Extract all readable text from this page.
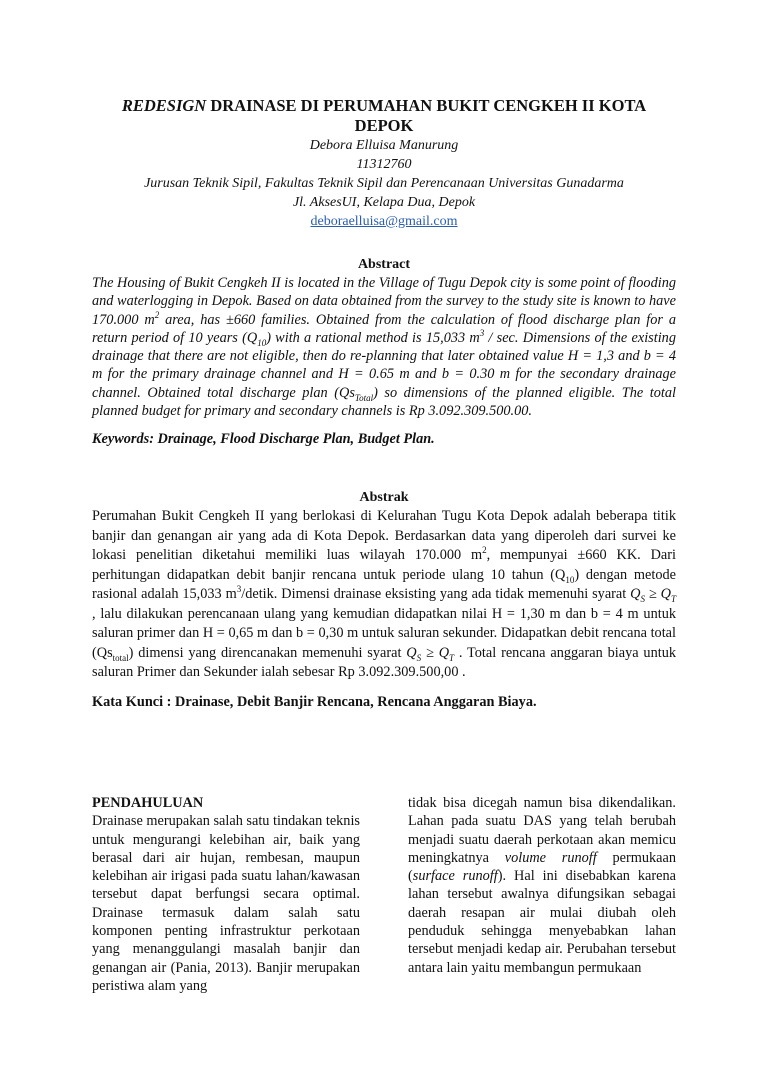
REDESIGN DRAINASE DI PERUMAHAN BUKIT CENGKEH II KOTA
DEPOK
Debora Elluisa Manurung
11312760
Jurusan Teknik Sipil, Fakultas Teknik Sipil dan Perencanaan Universitas Gunadarma
Jl. AksesUI, Kelapa Dua, Depok
deboraelluisa@gmail.com
Abstract

The Housing of Bukit Cengkeh II is located in the Village of Tugu Depok city is some point of flooding and waterlogging in Depok. Based on data obtained from the survey to the study site is known to have 170.000 $m^2$ area, has ±660 families. Obtained from the calculation of flood discharge plan for a return period of 10 years $(Q_{10})$ with a rational method is 15,033 $m^3$ / sec. Dimensions of the existing drainage that there are not eligible, then do re-planning that later obtained value H = 1,3 and b = 4 m for the primary drainage channel and H = 0.65 m and b = 0.30 m for the secondary drainage channel. Obtained total discharge plan $(Qs_{Total})$ so dimensions of the planned eligible. The total planned budget for primary and secondary channels is Rp 3.092.309.500.00.

Keywords: Drainage, Flood Discharge Plan, Budget Plan.

Abstrak

Perumahan Bukit Cengkeh II yang berlokasi di Kelurahan Tugu Kota Depok adalah beberapa titik banjir dan genangan air yang ada di Kota Depok. Berdasarkan data yang diperoleh dari survei ke lokasi penelitian diketahui memiliki luas wilayah 170.000 $m^2$, mempunyai ±660 KK. Dari perhitungan didapatkan debit banjir rencana untuk periode ulang 10 tahun $(Q_{10})$ dengan metode rasional adalah 15,033 $m^3$/detik. Dimensi drainase eksisting yang ada tidak memenuhi syarat $Q_S \ge Q_T$ , lalu dilakukan perencanaan ulang yang kemudian didapatkan nilai H = 1,30 m dan b = 4 m untuk saluran primer dan H = 0,65 m dan b = 0,30 m untuk saluran sekunder. Didapatkan debit rencana total $(Qs_{total})$ dimensi yang direncanakan memenuhi syarat $Q_S \ge Q_T$ . Total rencana anggaran biaya untuk saluran Primer dan Sekunder ialah sebesar Rp 3.092.309.500,00 .

Kata Kunci : Drainase, Debit Banjir Rencana, Rencana Anggaran Biaya.

PENDAHULUAN
Drainase merupakan salah satu tindakan teknis untuk mengurangi kelebihan air, baik yang berasal dari air hujan, rembesan, maupun kelebihan air irigasi pada suatu lahan/kawasan tersebut dapat berfungsi secara optimal. Drainase termasuk dalam salah satu komponen penting infrastruktur perkotaan yang menanggulangi masalah banjir dan genangan air (Pania, 2013). Banjir merupakan peristiwa alam yang
tidak bisa dicegah namun bisa dikendalikan. Lahan pada suatu DAS yang telah berubah menjadi suatu daerah perkotaan akan memicu meningkatnya volume runoff permukaan (surface runoff). Hal ini disebabkan karena lahan tersebut awalnya difungsikan sebagai daerah resapan air mulai diubah oleh penduduk sehingga menyebabkan lahan tersebut menjadi kedap air. Perubahan tersebut antara lain yaitu membangun permukaan
